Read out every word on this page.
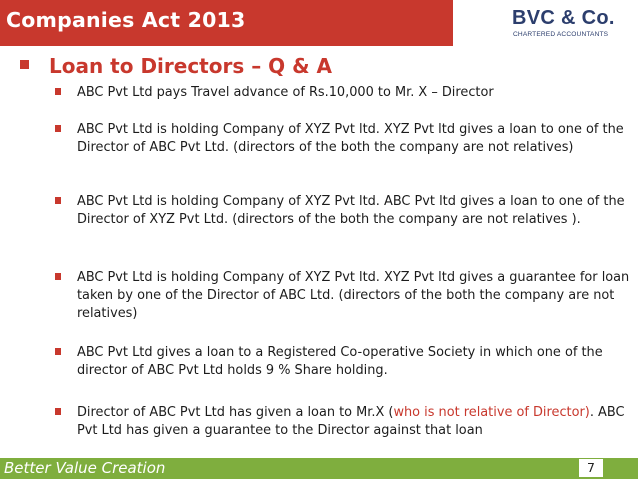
Companies Act 2013	BVC & Co.
CHARTERED ACCOUNTANTS
Loan to Directors – Q & A
ABC Pvt Ltd pays Travel advance of Rs.10,000 to Mr. X – Director
ABC Pvt Ltd is holding Company of XYZ Pvt ltd. XYZ Pvt ltd gives a loan to one of the Director of ABC Pvt Ltd. (directors of the both the company are not relatives)
ABC Pvt Ltd is holding Company of XYZ Pvt ltd. ABC Pvt ltd gives a loan to one of the Director of XYZ Pvt Ltd. (directors of the both the company are not relatives ).
ABC Pvt Ltd is holding Company of XYZ Pvt ltd. XYZ Pvt ltd gives a guarantee for loan taken by one of the Director of ABC Ltd. (directors of the both the company are not relatives)
ABC Pvt Ltd gives a loan to a Registered Co-operative Society in which one of the director of ABC Pvt Ltd holds 9 % Share holding.
Director of ABC Pvt Ltd has given a loan to Mr.X (who is not relative of Director). ABC Pvt Ltd has given a guarantee to the Director against that loan
Better Value Creation	7
